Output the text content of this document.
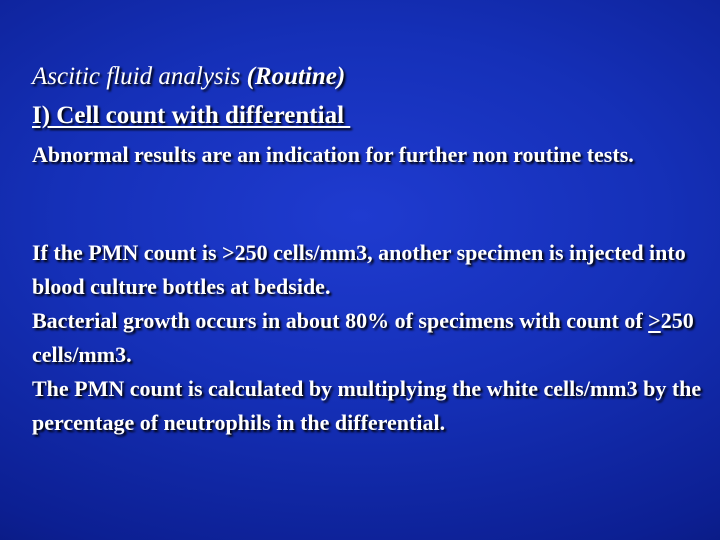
Ascitic fluid analysis (Routine)
I) Cell count with differential
Abnormal results are an indication for further non routine tests.
If the PMN count is >250 cells/mm3, another specimen is injected into blood culture bottles at bedside.
Bacterial growth occurs in about 80% of specimens with count of ≥250 cells/mm3.
The PMN count is calculated by multiplying the white cells/mm3 by the percentage of neutrophils in the differential.
